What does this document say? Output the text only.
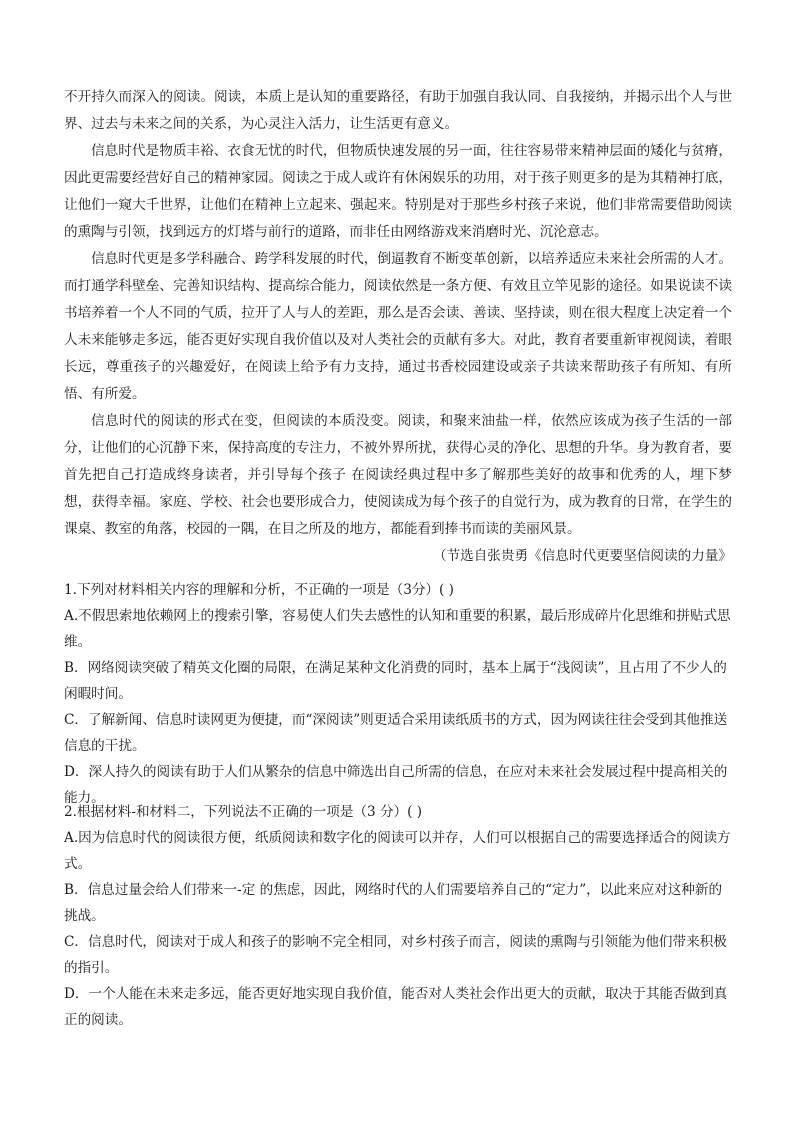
不开持久而深入的阅读。阅读，本质上是认知的重要路径，有助于加强自我认同、自我接纳，并揭示出个人与世界、过去与未来之间的关系，为心灵注入活力，让生活更有意义。

信息时代是物质丰裕、衣食无忧的时代，但物质快速发展的另一面，往往容易带来精神层面的矮化与贫瘠，因此更需要经营好自己的精神家园。阅读之于成人或许有休闲娱乐的功用，对于孩子则更多的是为其精神打底，让他们一窥大千世界，让他们在精神上立起来、强起来。特别是对于那些乡村孩子来说，他们非常需要借助阅读的熏陶与引领，找到远方的灯塔与前行的道路，而非任由网络游戏来消磨时光、沉沦意志。

信息时代更是多学科融合、跨学科发展的时代，倒逼教育不断变革创新，以培养适应未来社会所需的人才。而打通学科壁垒、完善知识结构、提高综合能力，阅读依然是一条方便、有效且立竿见影的途径。如果说读不读书培养着一个人不同的气质，拉开了人与人的差距，那么是否会读、善读、坚持读，则在很大程度上决定着一个人未来能够走多远，能否更好实现自我价值以及对人类社会的贡献有多大。对此，教育者要重新审视阅读，着眼长远，尊重孩子的兴趣爱好，在阅读上给予有力支持，通过书香校园建设或亲子共读来帮助孩子有所知、有所悟、有所爱。

信息时代的阅读的形式在变，但阅读的本质没变。阅读，和聚来油盐一样，依然应该成为孩子生活的一部分，让他们的心沉静下来，保持高度的专注力，不被外界所扰，获得心灵的净化、思想的升华。身为教育者，要首先把自己打造成终身读者，并引导每个孩子 在阅读经典过程中多了解那些美好的故事和优秀的人，埋下梦想，获得幸福。家庭、学校、社会也要形成合力，使阅读成为每个孩子的自觉行为，成为教育的日常，在学生的课桌、教室的角落，校园的一隅，在目之所及的地方，都能看到捧书而读的美丽风景。

（节选自张贵勇《信息时代更要坚信阅读的力量》

1.下列对材料相关内容的理解和分析，不正确的一项是（3分）( )

A.不假思索地依赖网上的搜索引擎，容易使人们失去感性的认知和重要的积累，最后形成碎片化思维和拼贴式思维。

B．网络阅读突破了精英文化圈的局限，在满足某种文化消费的同时，基本上属于“浅阅读”，且占用了不少人的闲暇时间。

C．了解新闻、信息时读网更为便捷，而“深阅读”则更适合采用读纸质书的方式，因为网读往往会受到其他推送信息的干扰。

D．深人持久的阅读有助于人们从繁杂的信息中筛选出自己所需的信息，在应对未来社会发展过程中提高相关的能力。

2.根据材料-和材料二，下列说法不正确的一项是（3 分）( )

A.因为信息时代的阅读很方便，纸质阅读和数字化的阅读可以并存，人们可以根据自己的需要选择适合的阅读方式。

B．信息过量会给人们带来一-定 的焦虑，因此，网络时代的人们需要培养自己的“定力”，以此来应对这种新的挑战。

C．信息时代，阅读对于成人和孩子的影响不完全相同，对乡村孩子而言，阅读的熏陶与引领能为他们带来积极的指引。

D．一个人能在未来走多远，能否更好地实现自我价值，能否对人类社会作出更大的贡献，取决于其能否做到真正的阅读。
